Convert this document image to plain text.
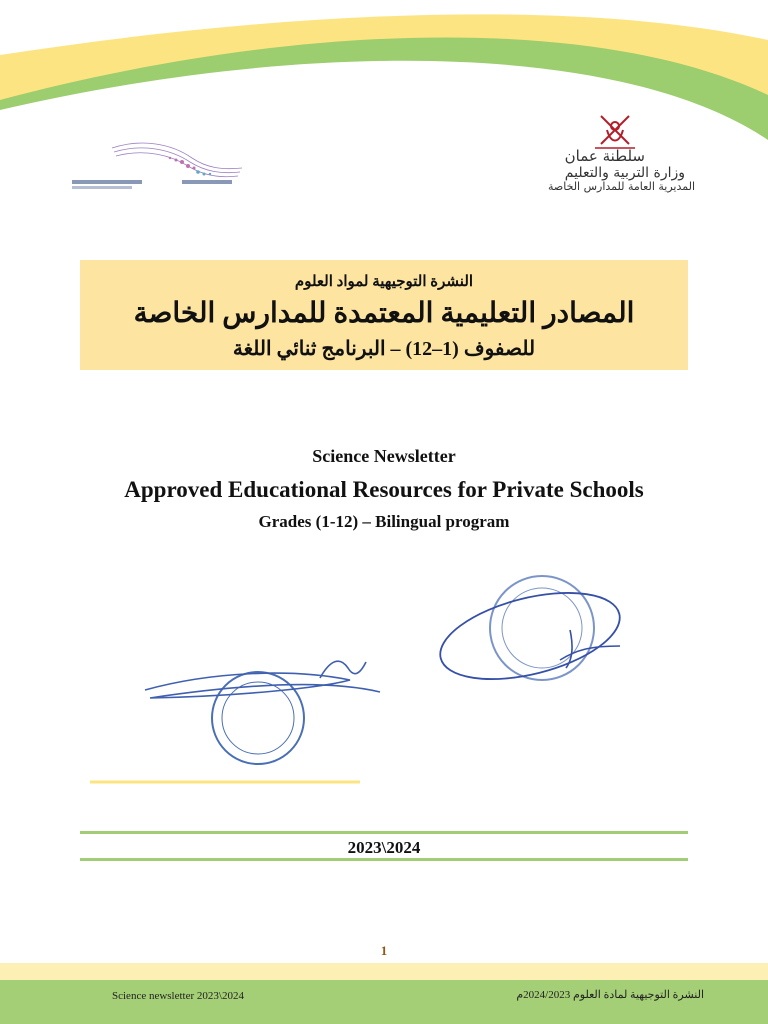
سلطنة عمان
وزارة التربية والتعليم
المديرية العامة للمدارس الخاصة
النشرة التوجيهية لمواد العلوم
المصادر التعليمية المعتمدة للمدارس الخاصة
للصفوف (1–12) – البرنامج ثنائي اللغة
Science Newsletter
Approved Educational Resources for Private Schools
Grades (1-12) – Bilingual program
2023\2024
1
Science newsletter 2023\2024	النشرة التوجيهية لمادة العلوم 2024/2023م
